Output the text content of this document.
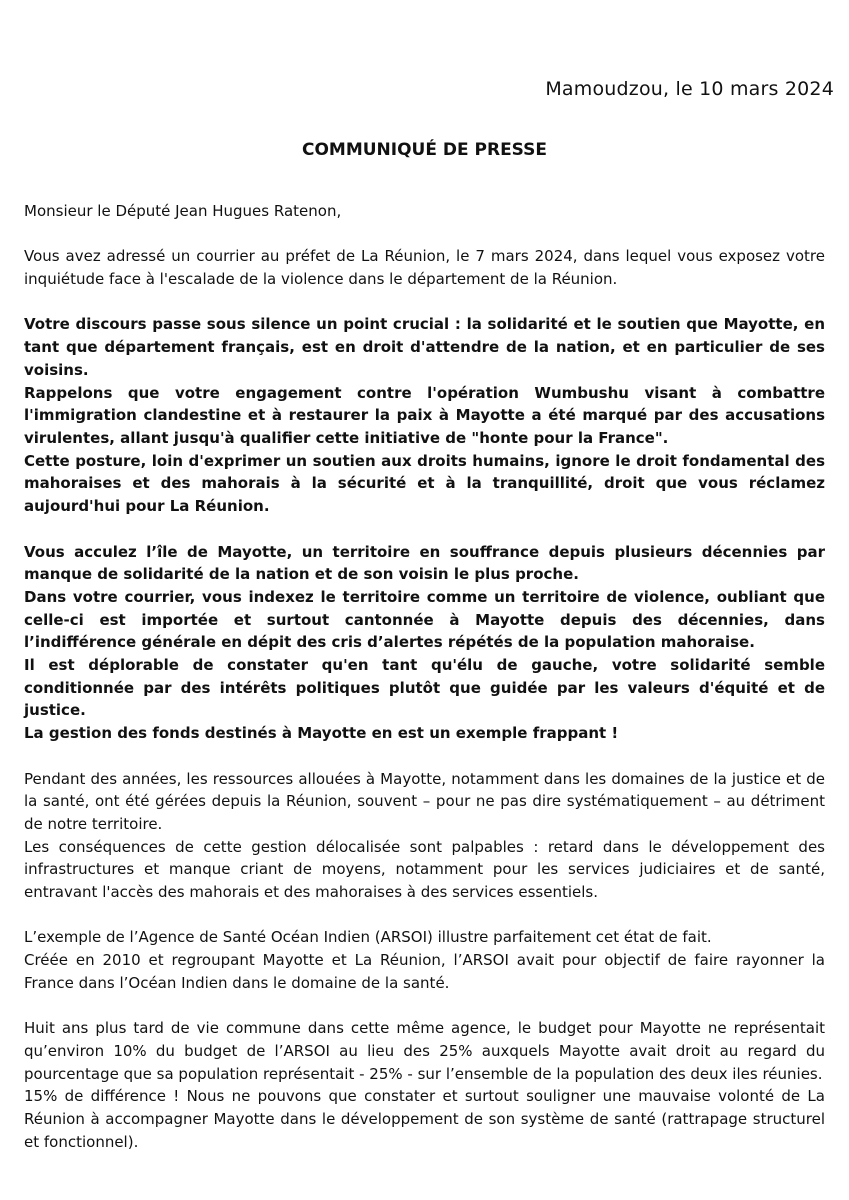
Mamoudzou, le 10 mars 2024
COMMUNIQUÉ DE PRESSE

Monsieur le Député Jean Hugues Ratenon,

Vous avez adressé un courrier au préfet de La Réunion, le 7 mars 2024, dans lequel vous exposez votre inquiétude face à l'escalade de la violence dans le département de la Réunion.

Votre discours passe sous silence un point crucial : la solidarité et le soutien que Mayotte, en tant que département français, est en droit d'attendre de la nation, et en particulier de ses voisins.

Rappelons que votre engagement contre l'opération Wumbushu visant à combattre l'immigration clandestine et à restaurer la paix à Mayotte a été marqué par des accusations virulentes, allant jusqu'à qualifier cette initiative de "honte pour la France".

Cette posture, loin d'exprimer un soutien aux droits humains, ignore le droit fondamental des mahoraises et des mahorais à la sécurité et à la tranquillité, droit que vous réclamez aujourd'hui pour La Réunion.

Vous acculez l’île de Mayotte, un territoire en souffrance depuis plusieurs décennies par manque de solidarité de la nation et de son voisin le plus proche.

Dans votre courrier, vous indexez le territoire comme un territoire de violence, oubliant que celle-ci est importée et surtout cantonnée à Mayotte depuis des décennies, dans l’indifférence générale en dépit des cris d’alertes répétés de la population mahoraise.

Il est déplorable de constater qu'en tant qu'élu de gauche, votre solidarité semble conditionnée par des intérêts politiques plutôt que guidée par les valeurs d'équité et de justice.

La gestion des fonds destinés à Mayotte en est un exemple frappant !

Pendant des années, les ressources allouées à Mayotte, notamment dans les domaines de la justice et de la santé, ont été gérées depuis la Réunion, souvent – pour ne pas dire systématiquement – au détriment de notre territoire.

Les conséquences de cette gestion délocalisée sont palpables : retard dans le développement des infrastructures et manque criant de moyens, notamment pour les services judiciaires et de santé, entravant l'accès des mahorais et des mahoraises à des services essentiels.

L’exemple de l’Agence de Santé Océan Indien (ARSOI) illustre parfaitement cet état de fait.

Créée en 2010 et regroupant Mayotte et La Réunion, l’ARSOI avait pour objectif de faire rayonner la France dans l’Océan Indien dans le domaine de la santé.

Huit ans plus tard de vie commune dans cette même agence, le budget pour Mayotte ne représentait qu’environ 10% du budget de l’ARSOI au lieu des 25% auxquels Mayotte avait droit au regard du pourcentage que sa population représentait - 25% - sur l’ensemble de la population des deux iles réunies.

15% de différence ! Nous ne pouvons que constater et surtout souligner une mauvaise volonté de La Réunion à accompagner Mayotte dans le développement de son système de santé (rattrapage structurel et fonctionnel).
